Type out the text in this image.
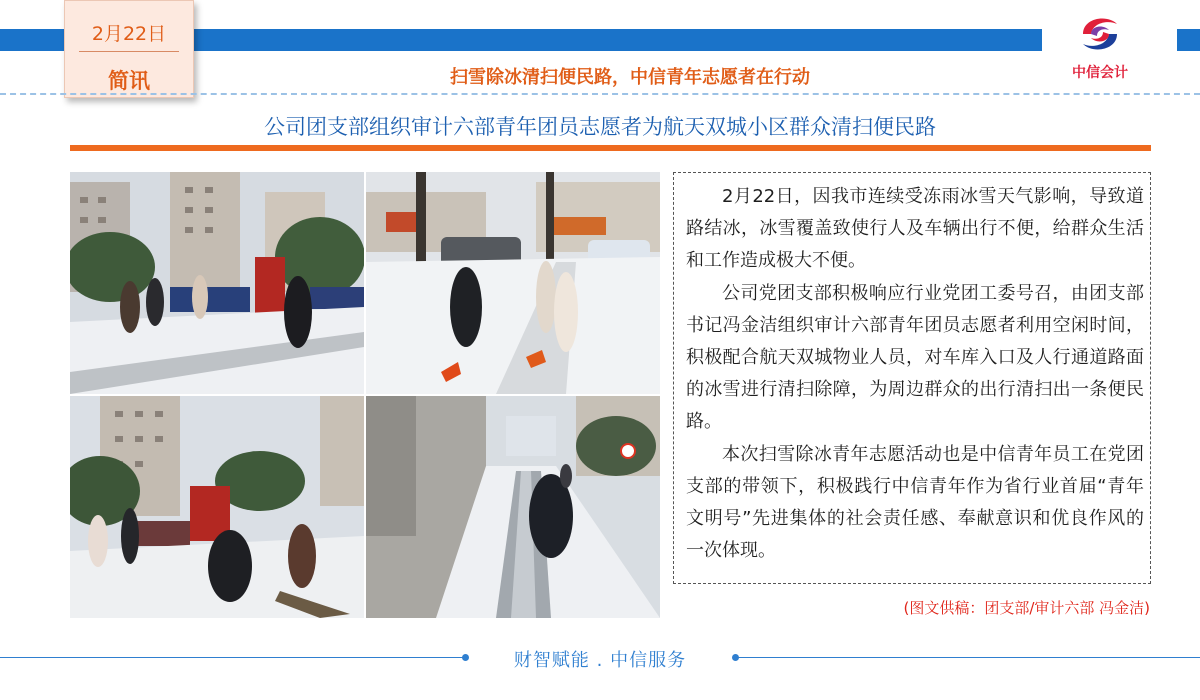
2月22日
简讯	中信会计
扫雪除冰清扫便民路，中信青年志愿者在行动
公司团支部组织审计六部青年团员志愿者为航天双城小区群众清扫便民路

2月22日，因我市连续受冻雨冰雪天气影响，导致道路结冰，冰雪覆盖致使行人及车辆出行不便，给群众生活和工作造成极大不便。

公司党团支部积极响应行业党团工委号召，由团支部书记冯金洁组织审计六部青年团员志愿者利用空闲时间，积极配合航天双城物业人员，对车库入口及人行通道路面的冰雪进行清扫除障，为周边群众的出行清扫出一条便民路。

本次扫雪除冰青年志愿活动也是中信青年员工在党团支部的带领下，积极践行中信青年作为省行业首届“青年文明号”先进集体的社会责任感、奉献意识和优良作风的一次体现。

(图文供稿：团支部/审计六部 冯金洁)
财智赋能 . 中信服务
